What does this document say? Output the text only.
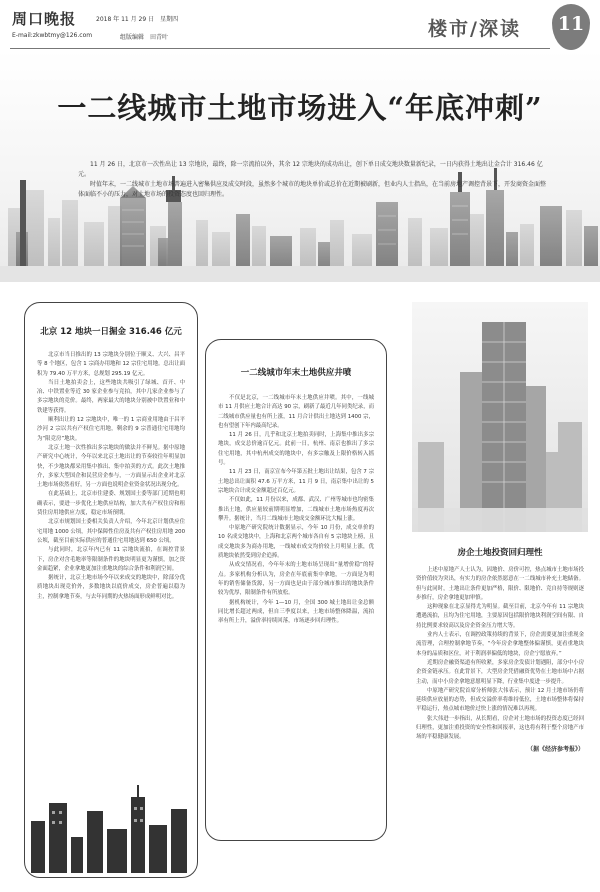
周口晚报	2018 年 11 月 29 日　星期四
E-mail:zkwbtmy@126.com	组版编辑　田青叶	楼市/深读	11
一二线城市土地市场进入“年底冲刺”

11 月 26 日，北京市一次性出让 13 宗地块，最终，除一宗流拍以外，其余 12 宗地块的成功出让，创下单日成交地块数量新纪录，一日内获得土地出让金合计 316.46 亿元。

时值年末，一二线城市土地市场普遍进入密集供应及成交时段，虽然多个城市的地块单价或总价在近期被刷新，但业内人士指出，在当前房地产调控背景下，开发商资金面整体面临不小的压力，对土地市场的投资态度也回归理性。

北京 12 地块一日掘金 316.46 亿元

北京市当日推出的 13 宗地块分别位于顺义、大兴、昌平等 8 个地区，包含 1 宗商办用地和 12 宗住宅用地。总出让面积为 79.40 万平方米，总规划 295.19 亿元。

当日土地拍卖会上，这些地块共吸引了绿城、首开、中冶、中铁置业等近 30 家企业参与竞拍，其中几家企业参与了多宗地块的竞价。最终，两家最大的地块分别被中铁置业和中铁建等获得。

顺利出让的 12 宗地块中，唯一的 1 宗商业用地由于昌平沙河 2 宗以共有产权住宅用地，剩余的 9 宗普通住宅用地均为“限竞房”地块。

北京土地一次性推出多宗地块的做法并不鲜见。据中原地产研究中心统计，今年以来北京土地出让的节奏较往年明显加快，不少地块都采用集中推出、集中拍卖的方式。此次土地推介，多家大型国企和民营房企参与，一方面显示出企业对北京土地市场依然看好，另一方面也说明企业资金状况出现分化。

在此基础上，北京市住建委、规划国土委等部门近期也明确表示，要进一步优化土地供应结构，加大共有产权住房和租赁住房用地供应力度，稳定市场预期。

北京市规划国土委相关负责人介绍，今年北京计划供应住宅用地 1000 公顷，其中保障性住房及共有产权住房用地 200 公顷，截至目前实际供应的普通住宅用地达到 650 公顷。

与此同时，北京年内已有 11 宗地块流拍，在调控背景下，房企对含毛地率等限制条件的地块明显更为谨慎，加之资金面趋紧，企业拿地更加注重地块的综合条件和利润空间。

据统计，北京土地市场今年以来成交的地块中，除部分优质地块出现竞价外，多数地块以底价成交，房企普遍以稳为主，控制拿地节奏，与去年同期的火热场面形成鲜明对比。

一二线城市年末土地供应井喷

不仅是北京，一二线城市年末土地供应井喷。其中，一线城市 11 月供应土地合计高达 90 宗，刷新了最近几年同类纪录，而二线城市供应量也有所上涨，11 月合计供出土地达到 1400 宗，也有望创下年内最高纪录。

11 月 26 日，几乎和北京土地拍卖同时，上海集中推出多宗地块，成交总价逾百亿元。此前一日，杭州、南京也推出了多宗住宅用地，其中杭州成交的地块中，有多宗触及上限价格转入摇号。

11 月 23 日，南京宣布今年第五批土地出让结果，包含 7 宗土地总出让面积 47.6 万平方米，11 月 9 日，南京集中出让的 5 宗地块合计成交金额超过百亿元。

不仅如此，11 月份以来，成都、武汉、广州等城市也均密集推出土地，供应量较前期明显增加，二线城市土地市场热度再次攀升。据统计，当月二线城市土地成交金额环比大幅上涨。

中原地产研究院统计数据显示，今年 10 月份，成交单价的 10 名成交地块中，上海和北京两个城市各自有 5 宗地块上榜，且成交地块多为商办用地，一线城市成交均价较上月明显上涨，优质地块依然受到房企追捧。

从成交情况看，今年年末的土地市场呈现出“量增价稳”的特点。多家机构分析认为，房企在年底前集中拿地，一方面是为明年的销售储备货源，另一方面也是由于部分城市推出的地块条件较为优厚，限制条件有所放松。

据机构统计，今年 1—10 月，全国 300 城土地出让金总额同比增长超过两成，但自三季度以来，土地市场整体降温，流拍率有所上升，溢价率持续回落，市场逐步回归理性。

房企土地投资回归理性

上述中原地产人士认为，因地价、房价可控，热点城市土地市场投资价值较为突出，有实力的房企依然愿意在一二线城市补充土地储备。但与此同时，土地出让条件更加严格，限价、限地价、竞自持等规则逐步推行，房企拿地更加审慎。

这种现象在北京显得尤为明显。截至目前，北京今年有 11 宗地块遭遇流拍，且均为住宅用地，主要原因包括限价地块利润空间有限、自持比例要求较高以及房企资金压力增大等。

业内人士表示，在调控政策持续的背景下，房企需要更加注重现金流管理，合理控制拿地节奏，“今年房企拿地整体偏谨慎，更看重地块本身的品质和区位，对于利润率偏低的地块，房企宁愿放弃。”

近期房企融资渠道有所收紧，多家房企发债计划遇阻，部分中小房企资金链承压。在此背景下，大型房企凭借融资优势在土地市场中占据主动，而中小房企拿地意愿明显下降，行业集中度进一步提升。

中原地产研究院首席分析师张大伟表示，预计 12 月土地市场仍将延续供应放量的态势，但成交溢价率将维持低位，土地市场整体将保持平稳运行，热点城市地价过快上涨的情况难以再现。

张大伟进一步指出，从长期看，房企对土地市场的投资态度已经回归理性，更加注重投资的安全性和回报率，这也将有利于整个房地产市场的平稳健康发展。

（据《经济参考报》）
